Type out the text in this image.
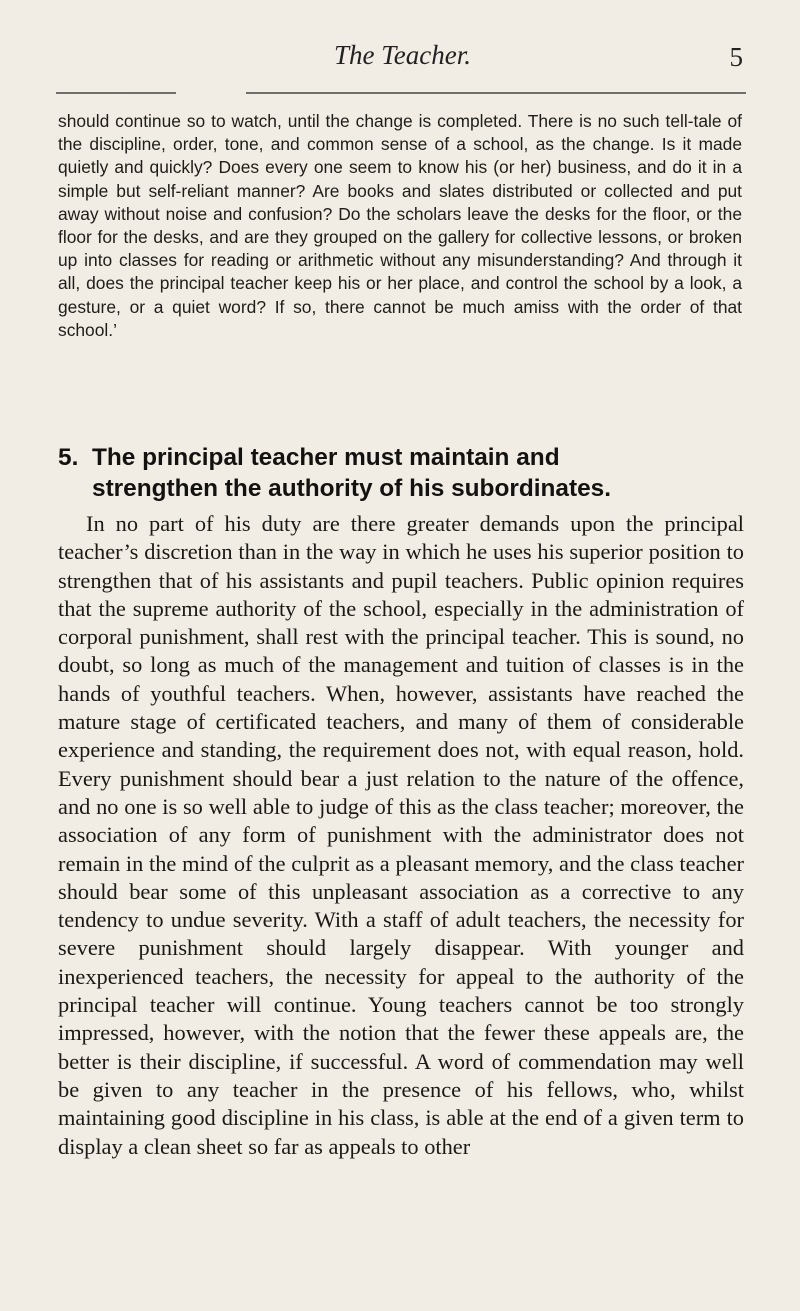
The Teacher.	5

should continue so to watch, until the change is completed. There is no such tell-tale of the discipline, order, tone, and common sense of a school, as the change. Is it made quietly and quickly? Does every one seem to know his (or her) business, and do it in a simple but self-reliant manner? Are books and slates distributed or collected and put away without noise and confusion? Do the scholars leave the desks for the floor, or the floor for the desks, and are they grouped on the gallery for collective lessons, or broken up into classes for reading or arithmetic without any misunderstanding? And through it all, does the principal teacher keep his or her place, and control the school by a look, a gesture, or a quiet word? If so, there cannot be much amiss with the order of that school.’

5. The principal teacher must maintain and
strengthen the authority of his subordinates.

In no part of his duty are there greater demands upon the principal teacher’s discretion than in the way in which he uses his superior position to strengthen that of his assistants and pupil teachers. Public opinion requires that the supreme authority of the school, especially in the administration of corporal punishment, shall rest with the principal teacher. This is sound, no doubt, so long as much of the management and tuition of classes is in the hands of youthful teachers. When, however, assistants have reached the mature stage of certificated teachers, and many of them of considerable experience and standing, the requirement does not, with equal reason, hold. Every punishment should bear a just relation to the nature of the offence, and no one is so well able to judge of this as the class teacher; moreover, the association of any form of punishment with the administrator does not remain in the mind of the culprit as a pleasant memory, and the class teacher should bear some of this unpleasant association as a corrective to any tendency to undue severity. With a staff of adult teachers, the necessity for severe punishment should largely disappear. With younger and inexperienced teachers, the necessity for appeal to the authority of the principal teacher will continue. Young teachers cannot be too strongly impressed, however, with the notion that the fewer these appeals are, the better is their discipline, if successful. A word of commendation may well be given to any teacher in the presence of his fellows, who, whilst maintaining good discipline in his class, is able at the end of a given term to display a clean sheet so far as appeals to other
